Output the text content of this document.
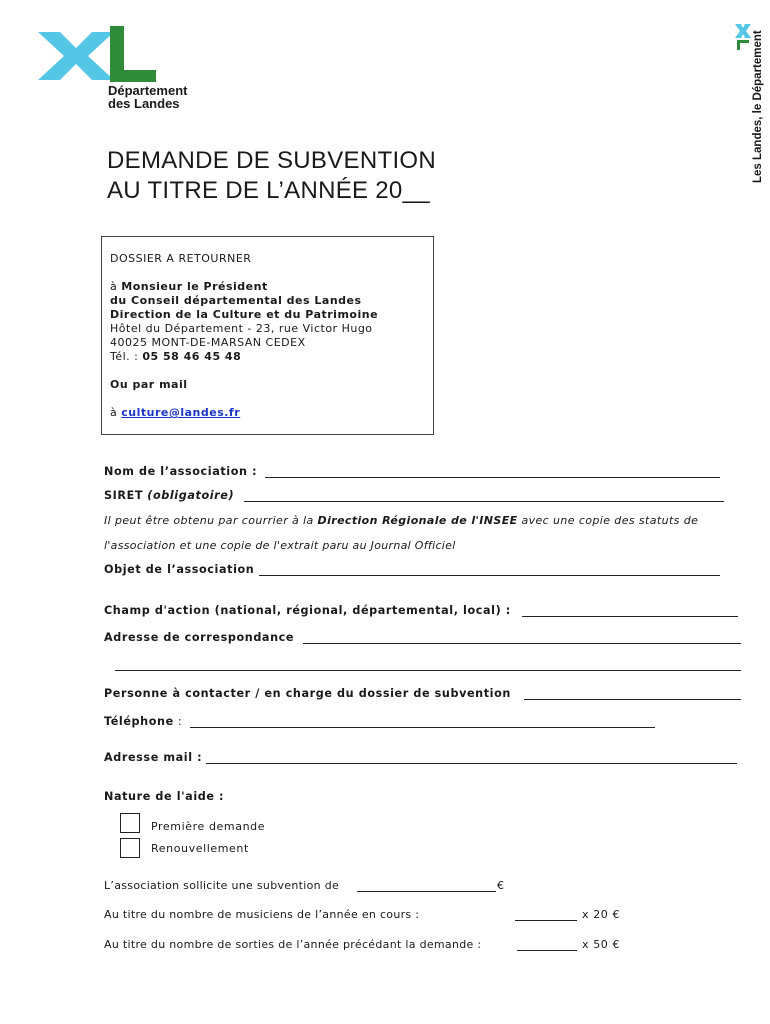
Département
des Landes	Les Landes, le Département
DEMANDE DE SUBVENTION
AU TITRE DE L’ANNÉE 20__
DOSSIER A RETOURNER
à Monsieur le Président
du Conseil départemental des Landes
Direction de la Culture et du Patrimoine
Hôtel du Département - 23, rue Victor Hugo
40025 MONT-DE-MARSAN CEDEX
Tél. : 05 58 46 45 48
Ou par mail
à culture@landes.fr
Nom de l’association :
SIRET (obligatoire)
Il peut être obtenu par courrier à la Direction Régionale de l'INSEE avec une copie des statuts de
l'association et une copie de l'extrait paru au Journal Officiel
Objet de l’association
Champ d'action (national, régional, départemental, local) :
Adresse de correspondance
Personne à contacter / en charge du dossier de subvention
Téléphone :
Adresse mail :
Nature de l'aide :
Première demande
Renouvellement
L’association sollicite une subvention de	€
Au titre du nombre de musiciens de l’année en cours :	x 20 €
Au titre du nombre de sorties de l’année précédant la demande :	x 50 €
